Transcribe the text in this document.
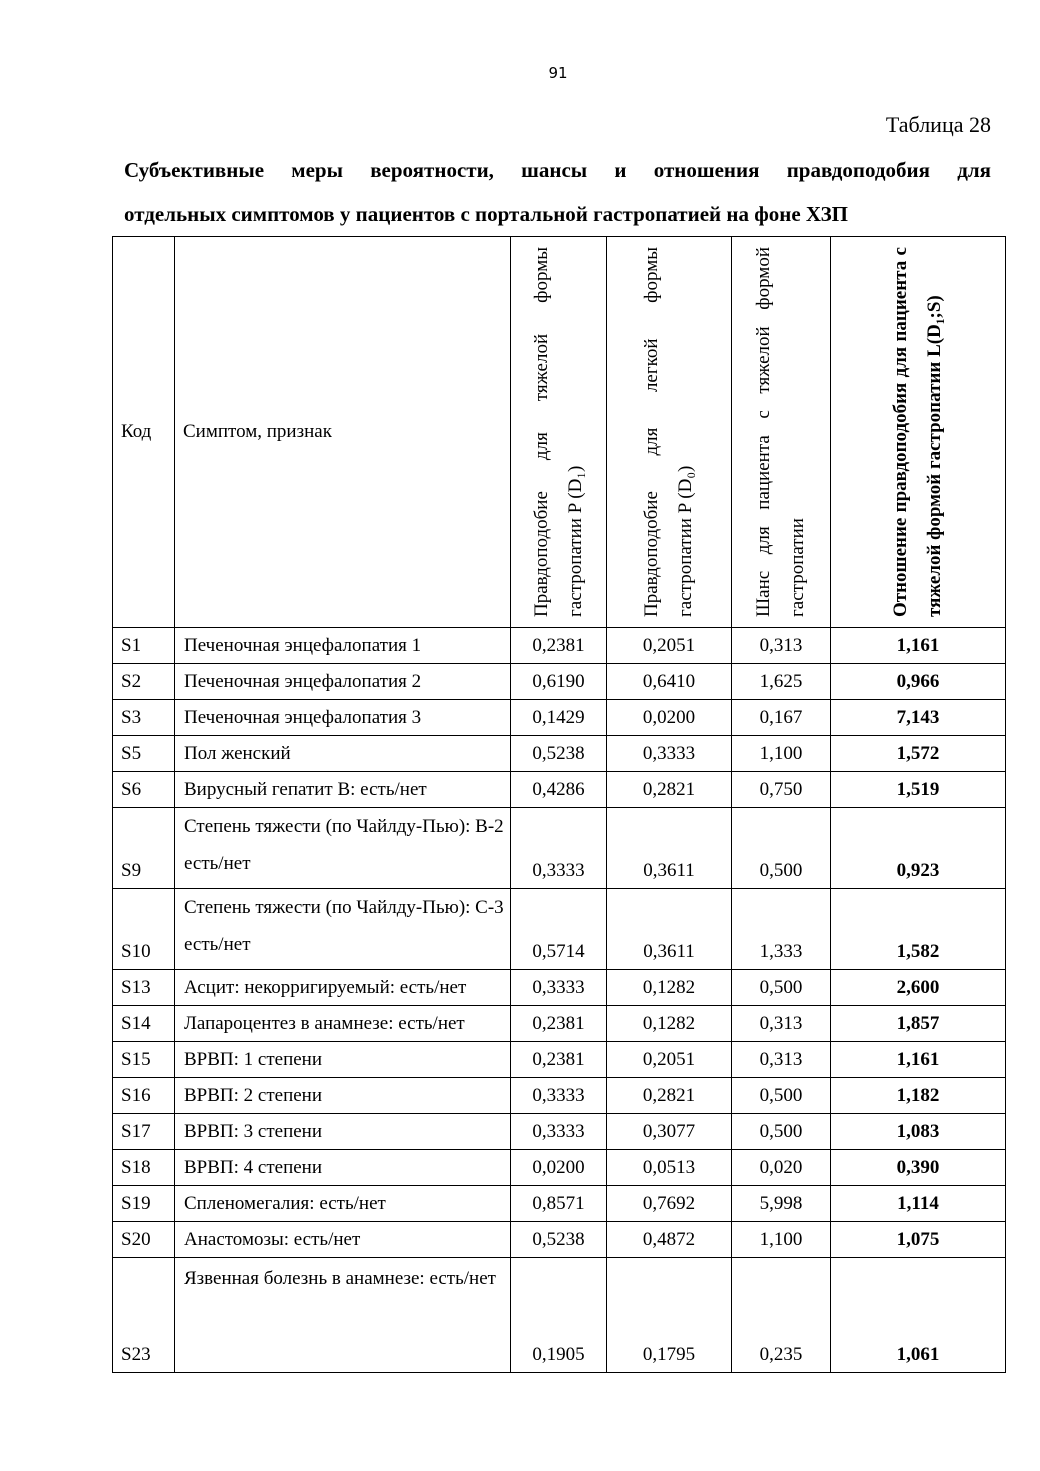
91
Таблица 28
Субъективные меры вероятности, шансы и отношения правдоподобия для
отдельных симптомов у пациентов с портальной гастропатией на фоне ХЗП
Код	Симптом, признак	Правдоподобие для тяжелой формы гастропатии P (D₁)	Правдоподобие для легкой формы гастропатии P (D₀)	Шанс для пациента с тяжелой формой гастропатии	Отношение правдоподобия для пациента с тяжелой формой гастропатии L(D₁;S)

S1	Печеночная энцефалопатия 1	0,2381	0,2051	0,313	1,161
S2	Печеночная энцефалопатия 2	0,6190	0,6410	1,625	0,966
S3	Печеночная энцефалопатия 3	0,1429	0,0200	0,167	7,143
S5	Пол женский	0,5238	0,3333	1,100	1,572
S6	Вирусный гепатит В: есть/нет	0,4286	0,2821	0,750	1,519
S9	Степень тяжести (по Чайлду-Пью): В-2 есть/нет	0,3333	0,3611	0,500	0,923
S10	Степень тяжести (по Чайлду-Пью): С-3 есть/нет	0,5714	0,3611	1,333	1,582
S13	Асцит: некорригируемый: есть/нет	0,3333	0,1282	0,500	2,600
S14	Лапароцентез в анамнезе: есть/нет	0,2381	0,1282	0,313	1,857
S15	ВРВП: 1 степени	0,2381	0,2051	0,313	1,161
S16	ВРВП: 2 степени	0,3333	0,2821	0,500	1,182
S17	ВРВП: 3 степени	0,3333	0,3077	0,500	1,083
S18	ВРВП: 4 степени	0,0200	0,0513	0,020	0,390
S19	Спленомегалия: есть/нет	0,8571	0,7692	5,998	1,114
S20	Анастомозы: есть/нет	0,5238	0,4872	1,100	1,075
S23	Язвенная болезнь в анамнезе: есть/нет	0,1905	0,1795	0,235	1,061
